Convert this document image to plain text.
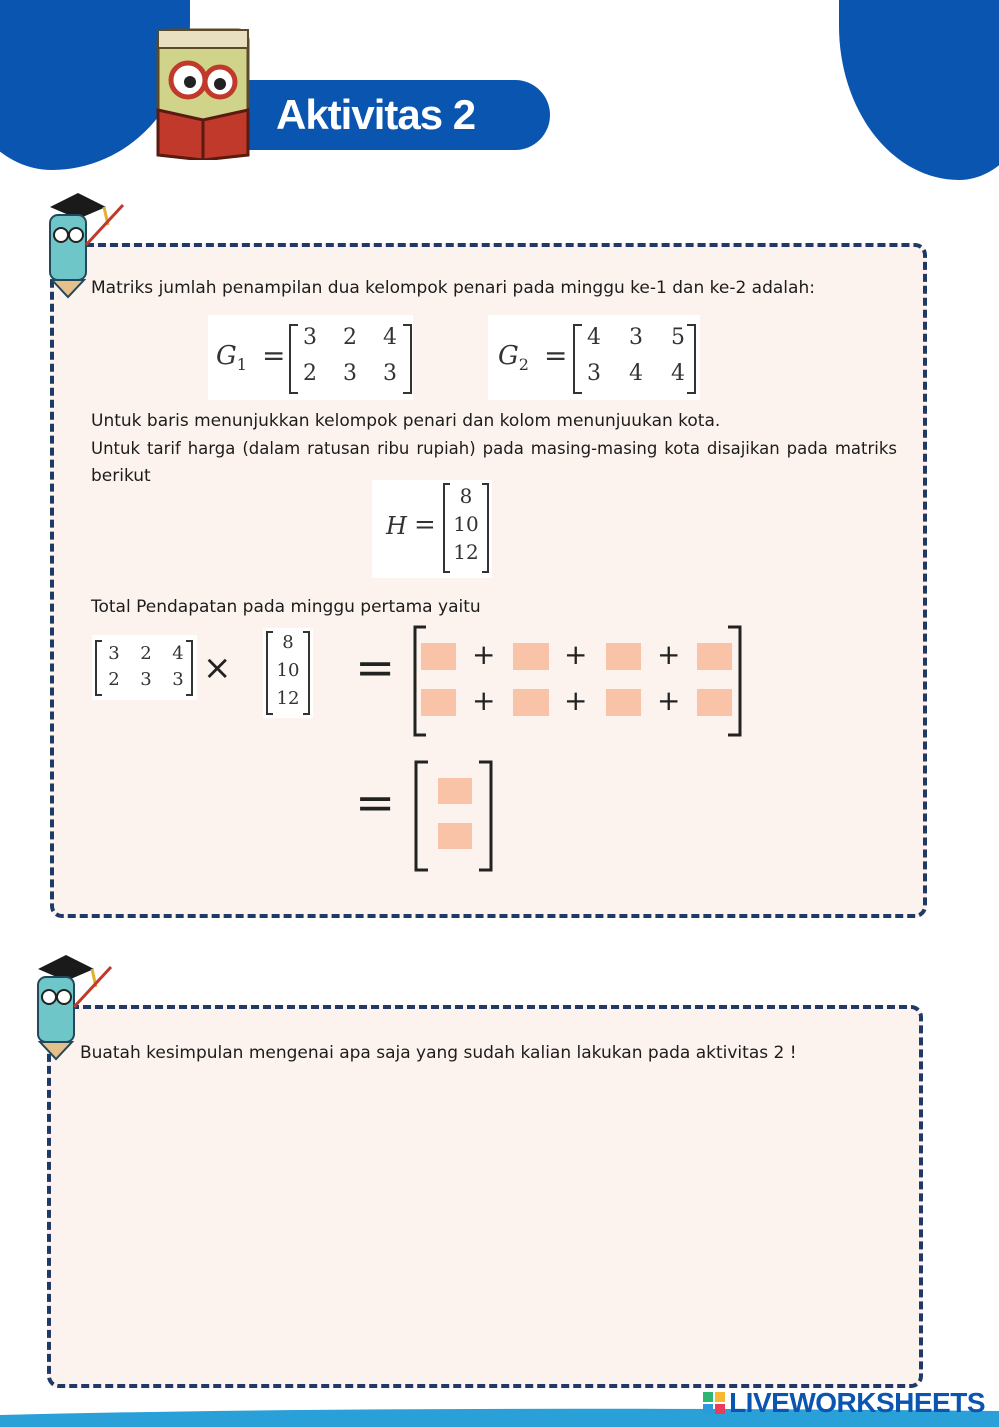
Aktivitas 2
Matriks jumlah penampilan dua kelompok penari pada minggu ke-1 dan ke-2 adalah:
$G_1$ =
3 2 4
2 3 3
$G_2$ =
4 3 5
3 4 4
Untuk baris menunjukkan kelompok penari dan kolom menunjuukan kota.
Untuk tarif harga (dalam ratusan ribu rupiah) pada masing-masing kota disajikan pada matriks
berikut
H =
8
10
12
Total Pendapatan pada minggu pertama yaitu
3 2 4
2 3 3 ×
8
10
12
=	+ + +
+ + +
=
Buatah kesimpulan mengenai apa saja yang sudah kalian lakukan pada aktivitas 2 !
LIVEWORKSHEETS
